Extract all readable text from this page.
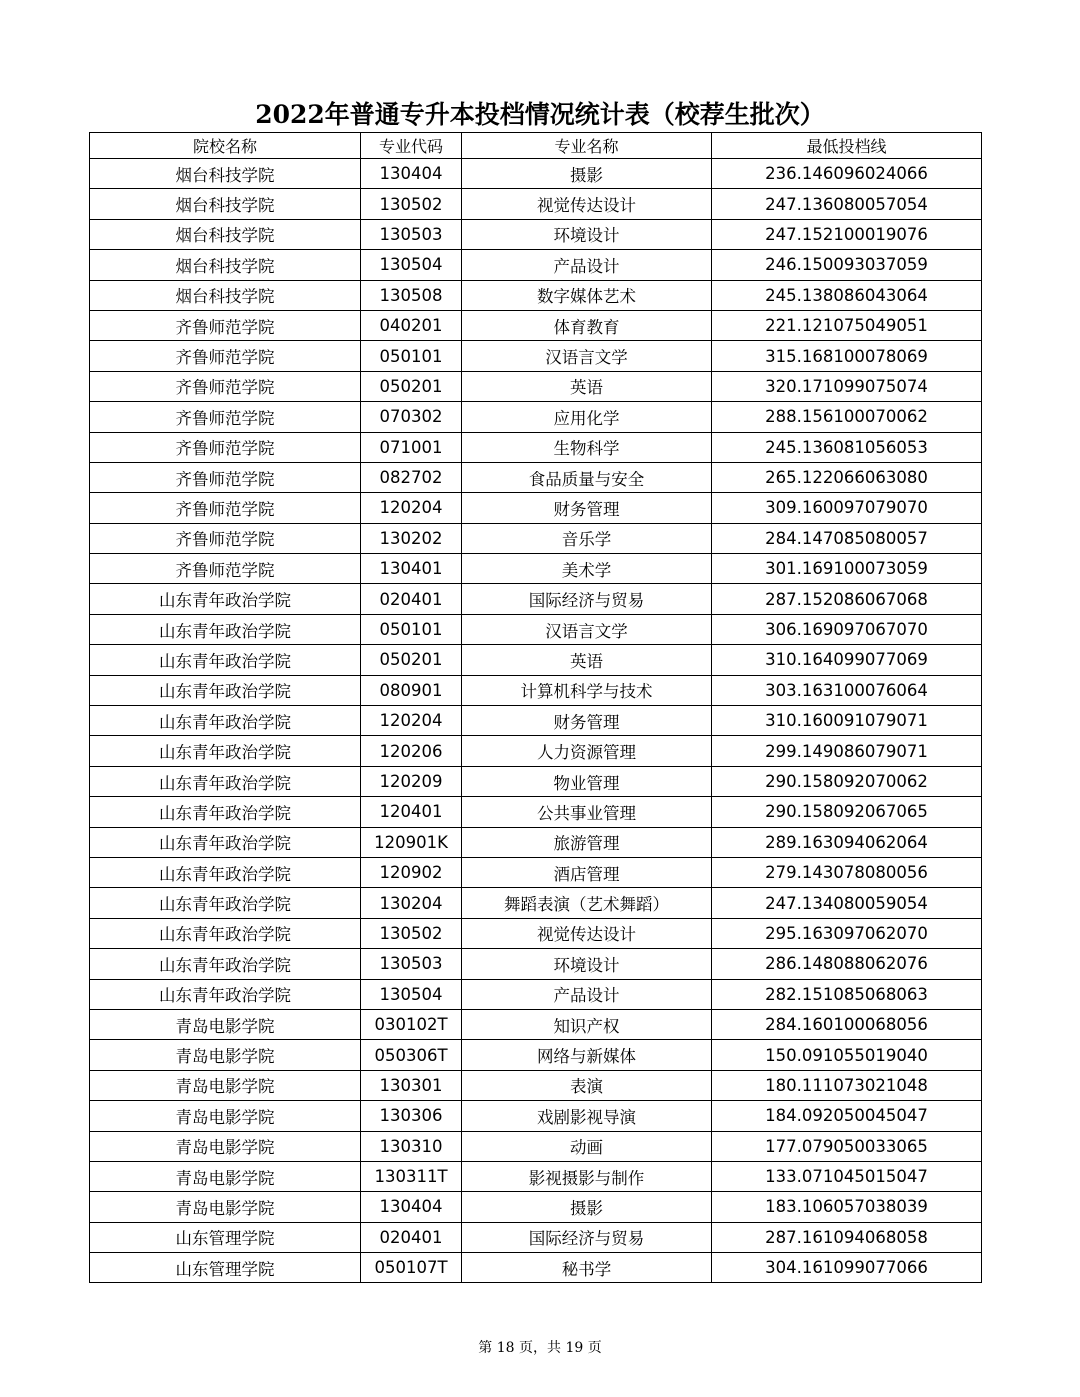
2022年普通专升本投档情况统计表（校荐生批次）
院校名称	专业代码	专业名称	最低投档线
烟台科技学院	130404	摄影	236.146096024066
烟台科技学院	130502	视觉传达设计	247.136080057054
烟台科技学院	130503	环境设计	247.152100019076
烟台科技学院	130504	产品设计	246.150093037059
烟台科技学院	130508	数字媒体艺术	245.138086043064
齐鲁师范学院	040201	体育教育	221.121075049051
齐鲁师范学院	050101	汉语言文学	315.168100078069
齐鲁师范学院	050201	英语	320.171099075074
齐鲁师范学院	070302	应用化学	288.156100070062
齐鲁师范学院	071001	生物科学	245.136081056053
齐鲁师范学院	082702	食品质量与安全	265.122066063080
齐鲁师范学院	120204	财务管理	309.160097079070
齐鲁师范学院	130202	音乐学	284.147085080057
齐鲁师范学院	130401	美术学	301.169100073059
山东青年政治学院	020401	国际经济与贸易	287.152086067068
山东青年政治学院	050101	汉语言文学	306.169097067070
山东青年政治学院	050201	英语	310.164099077069
山东青年政治学院	080901	计算机科学与技术	303.163100076064
山东青年政治学院	120204	财务管理	310.160091079071
山东青年政治学院	120206	人力资源管理	299.149086079071
山东青年政治学院	120209	物业管理	290.158092070062
山东青年政治学院	120401	公共事业管理	290.158092067065
山东青年政治学院	120901K	旅游管理	289.163094062064
山东青年政治学院	120902	酒店管理	279.143078080056
山东青年政治学院	130204	舞蹈表演（艺术舞蹈）	247.134080059054
山东青年政治学院	130502	视觉传达设计	295.163097062070
山东青年政治学院	130503	环境设计	286.148088062076
山东青年政治学院	130504	产品设计	282.151085068063
青岛电影学院	030102T	知识产权	284.160100068056
青岛电影学院	050306T	网络与新媒体	150.091055019040
青岛电影学院	130301	表演	180.111073021048
青岛电影学院	130306	戏剧影视导演	184.092050045047
青岛电影学院	130310	动画	177.079050033065
青岛电影学院	130311T	影视摄影与制作	133.071045015047
青岛电影学院	130404	摄影	183.106057038039
山东管理学院	020401	国际经济与贸易	287.161094068058
山东管理学院	050107T	秘书学	304.161099077066
第 18 页，共 19 页
